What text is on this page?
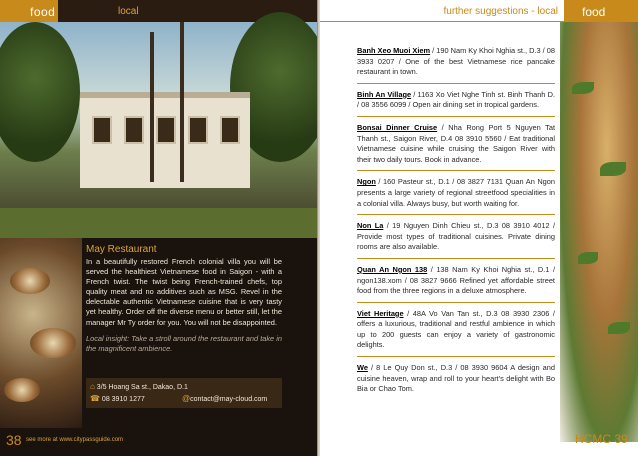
food	local
May Restaurant

In a beautifully restored French colonial villa you will be served the healthiest Vietnamese food in Saigon - with a French twist. The twist being French-trained chefs, top quality meat and no additives such as MSG. Revel in the delectable authentic Vietnamese cuisine that is very tasty yet healthy. Order off the diverse menu or better still, let the manager Mr Ty order for you. You will not be disappointed.

Local insight: Take a stroll around the restaurant and take in the magnificent ambience.

⌂ 3/5 Hoang Sa st., Dakao, D.1
☎ 08 3910 1277	@contact@may-cloud.com
38 see more at www.citypassguide.com
further suggestions - local food

Banh Xeo Muoi Xiem / 190 Nam Ky Khoi Nghia st., D.3 / 08 3933 0207 / One of the best Vietnamese rice pancake restaurant in town.

Binh An Village / 1163 Xo Viet Nghe Tinh st. Binh Thanh D. / 08 3556 6099 / Open air dining set in tropical gardens.

Bonsai Dinner Cruise / Nha Rong Port 5 Nguyen Tat Thanh st., Saigon River, D.4 08 3910 5560 / Eat traditional Vietnamese cuisine while cruising the Saigon River with their two daily tours. Book in advance.

Ngon / 160 Pasteur st., D.1 / 08 3827 7131 Quan An Ngon presents a large variety of regional streetfood specialities in a colonial villa. Always busy, but worth waiting for.

Non La / 19 Nguyen Dinh Chieu st., D.3 08 3910 4012 / Provide most types of traditional cuisines. Private dining rooms are also available.

Quan An Ngon 138 / 138 Nam Ky Khoi Nghia st., D.1 / ngon138.xom / 08 3827 9666 Refined yet affordable street food from the three regions in a deluxe atmosphere.

Viet Heritage / 48A Vo Van Tan st., D.3 08 3930 2306 / offers a luxurious, traditional and restful ambience in which up to 200 guests can enjoy a variety of gastronomic delights.

We / 8 Le Quy Don st., D.3 / 08 3930 9604 A design and cuisine heaven, wrap and roll to your heart's delight with Bo Bia or Chao Tom.

HCMC 39
